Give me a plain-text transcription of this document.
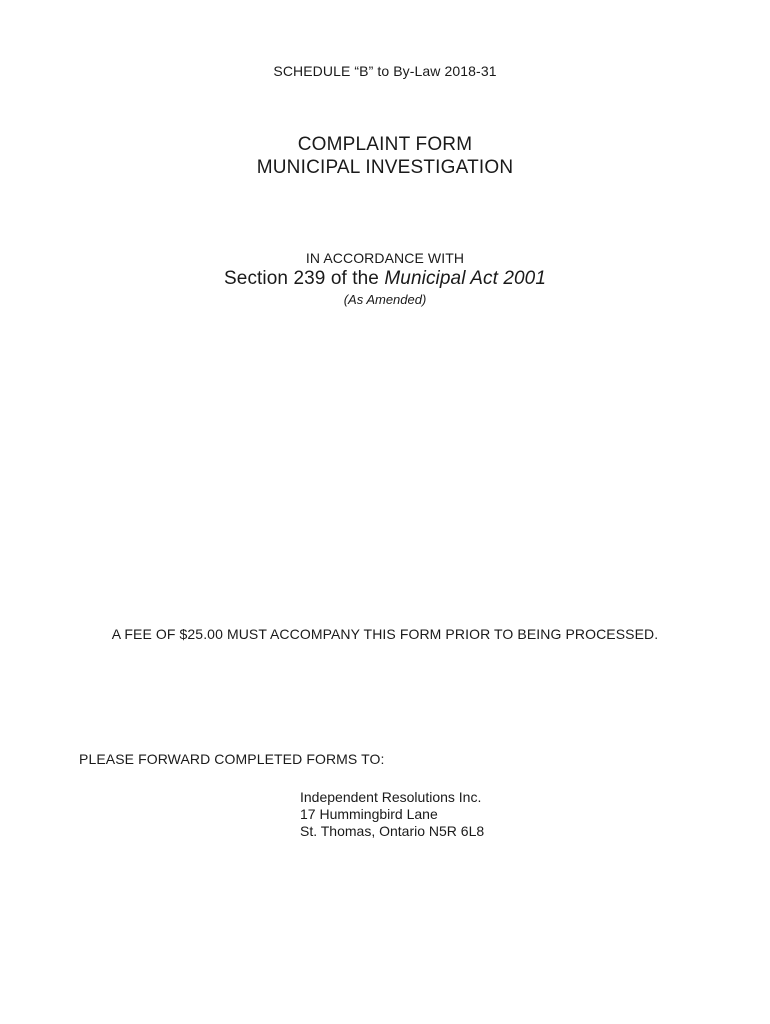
SCHEDULE “B” to By-Law 2018-31
COMPLAINT FORM
MUNICIPAL INVESTIGATION
IN ACCORDANCE WITH
Section 239 of the Municipal Act 2001
(As Amended)
A FEE OF $25.00 MUST ACCOMPANY THIS FORM PRIOR TO BEING PROCESSED.
PLEASE FORWARD COMPLETED FORMS TO:
Independent Resolutions Inc.
17 Hummingbird Lane
St. Thomas, Ontario N5R 6L8
